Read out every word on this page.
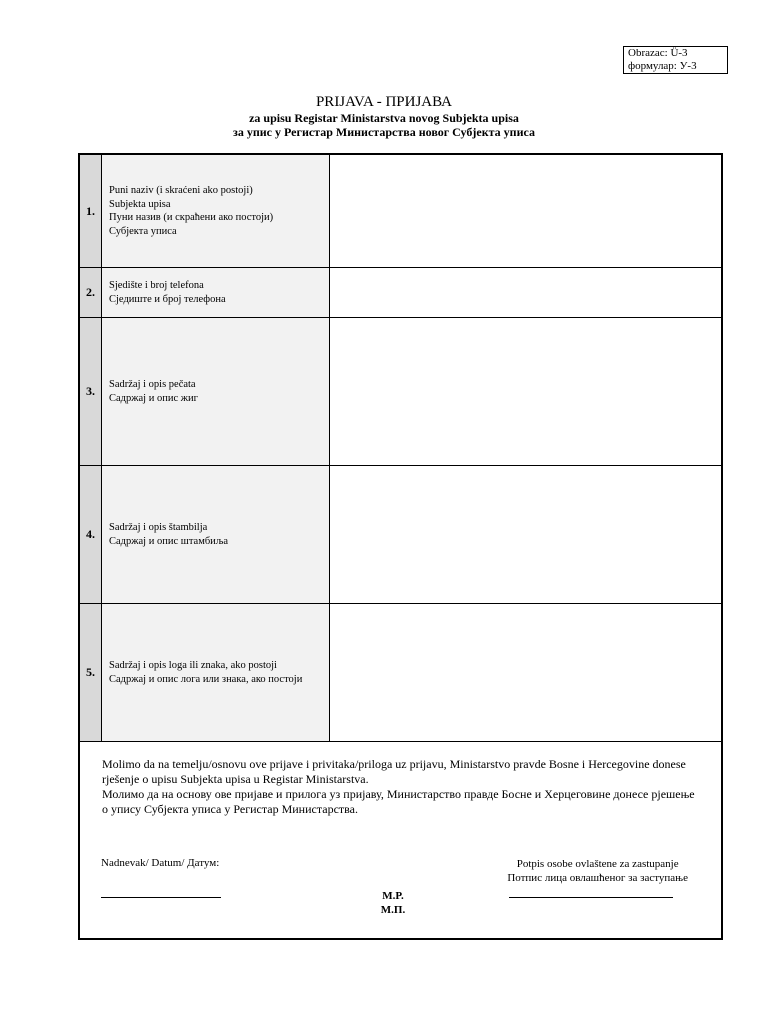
Obrazac: Ü-3
формулар: У-3
PRIJAVA - ПРИЈАВА
za upisu Registar Ministarstva novog Subjekta upisa
за упис у Регистар Министарства новог Субјекта уписа
1.
Puni naziv (i skraćeni ako postoji)
Subjekta upisa
Пуни назив (и скраћени ако постоји)
Субјекта уписа
2.	Sjedište i broj telefona
Сједиште и број телефона
3.	Sadržaj i opis pečata
Садржај и опис жиг
4.	Sadržaj i opis štambilja
Садржај и опис штамбиља
5.	Sadržaj i opis loga ili znaka, ako postoji
Садржај и опис лога или знака, ако постоји
Molimo da na temelju/osnovu ove prijave i privitaka/priloga uz prijavu, Ministarstvo pravde Bosne i Hercegovine donese rješenje o upisu Subjekta upisa u Registar Ministarstva.
Молимо да на основу ове пријаве и прилога уз пријаву, Министарство правде Босне и Херцеговине донесе рјешење о упису Субјекта уписа у Регистар Министарства.
Nadnevak/ Datum/ Датум:	Potpis osobe ovlaštene za zastupanje
Потпис лица овлашћеног за заступање
M.P.
М.П.
